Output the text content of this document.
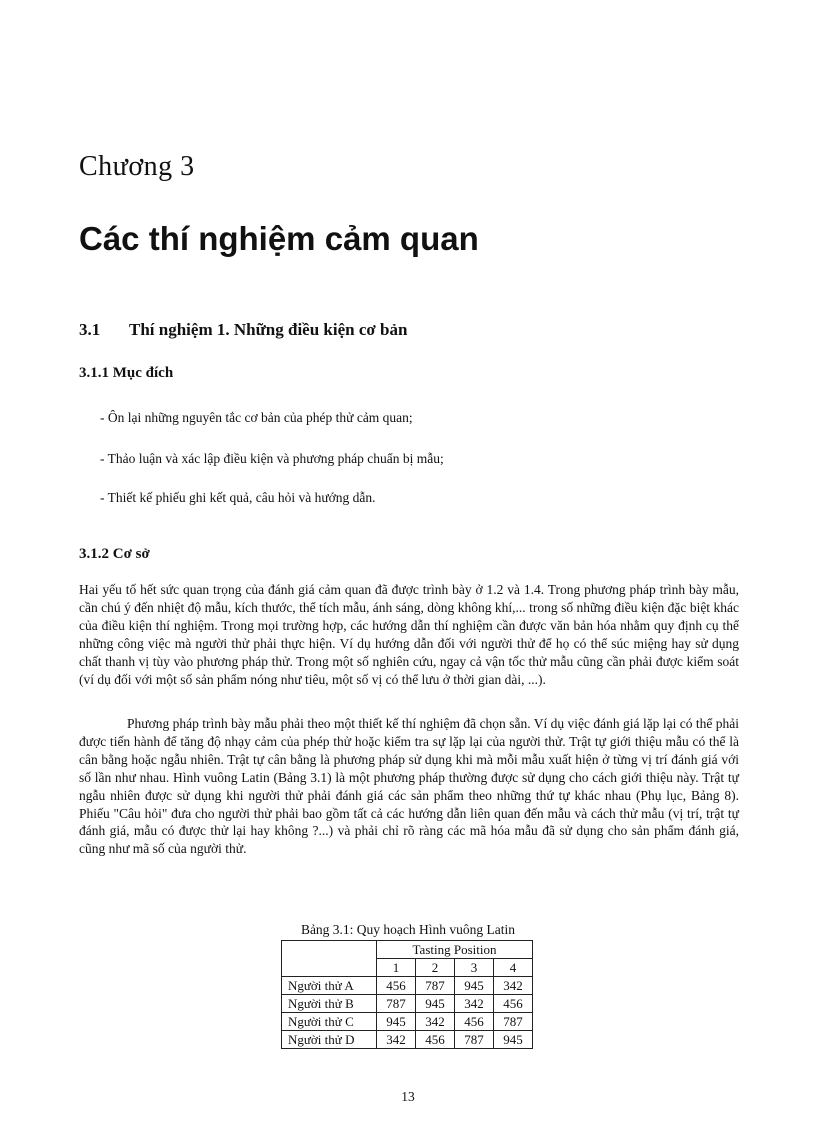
Chương 3
Các thí nghiệm cảm quan
3.1 Thí nghiệm 1. Những điều kiện cơ bản
3.1.1 Mục đích
- Ôn lại những nguyên tắc cơ bản của phép thử cảm quan;
- Thảo luận và xác lập điều kiện và phương pháp chuẩn bị mẫu;
- Thiết kế phiếu ghi kết quả, câu hỏi và hướng dẫn.
3.1.2 Cơ sở
Hai yếu tố hết sức quan trọng của đánh giá cảm quan đã được trình bày ở 1.2 và 1.4. Trong phương pháp trình bày mẫu, cần chú ý đến nhiệt độ mẫu, kích thước, thể tích mẫu, ánh sáng, dòng không khí,... trong số những điều kiện đặc biệt khác của điều kiện thí nghiệm. Trong mọi trường hợp, các hướng dẫn thí nghiệm cần được văn bản hóa nhằm quy định cụ thể những công việc mà người thử phải thực hiện. Ví dụ hướng dẫn đối với người thử để họ có thể súc miệng hay sử dụng chất thanh vị tùy vào phương pháp thử. Trong một số nghiên cứu, ngay cả vận tốc thử mẫu cũng cần phải được kiểm soát (ví dụ đối với một số sản phẩm nóng như tiêu, một số vị có thể lưu ở thời gian dài, ...).
Phương pháp trình bày mẫu phải theo một thiết kế thí nghiệm đã chọn sẵn. Ví dụ việc đánh giá lặp lại có thể phải được tiến hành để tăng độ nhạy cảm của phép thử hoặc kiểm tra sự lặp lại của người thử. Trật tự giới thiệu mẫu có thể là cân bằng hoặc ngẫu nhiên. Trật tự cân bằng là phương pháp sử dụng khi mà mỗi mẫu xuất hiện ở từng vị trí đánh giá với số lần như nhau. Hình vuông Latin (Bảng 3.1) là một phương pháp thường được sử dụng cho cách giới thiệu này. Trật tự ngẫu nhiên được sử dụng khi người thử phải đánh giá các sản phẩm theo những thứ tự khác nhau (Phụ lục, Bảng 8). Phiếu "Câu hỏi" đưa cho người thử phải bao gồm tất cả các hướng dẫn liên quan đến mẫu và cách thử mẫu (vị trí, trật tự đánh giá, mẫu có được thử lại hay không ?...) và phải chỉ rõ ràng các mã hóa mẫu đã sử dụng cho sản phẩm đánh giá, cũng như mã số của người thử.
Bảng 3.1: Quy hoạch Hình vuông Latin
	Tasting Position			
	1	2	3	4
Người thử A	456	787	945	342
Người thử B	787	945	342	456
Người thử C	945	342	456	787
Người thử D	342	456	787	945
13
